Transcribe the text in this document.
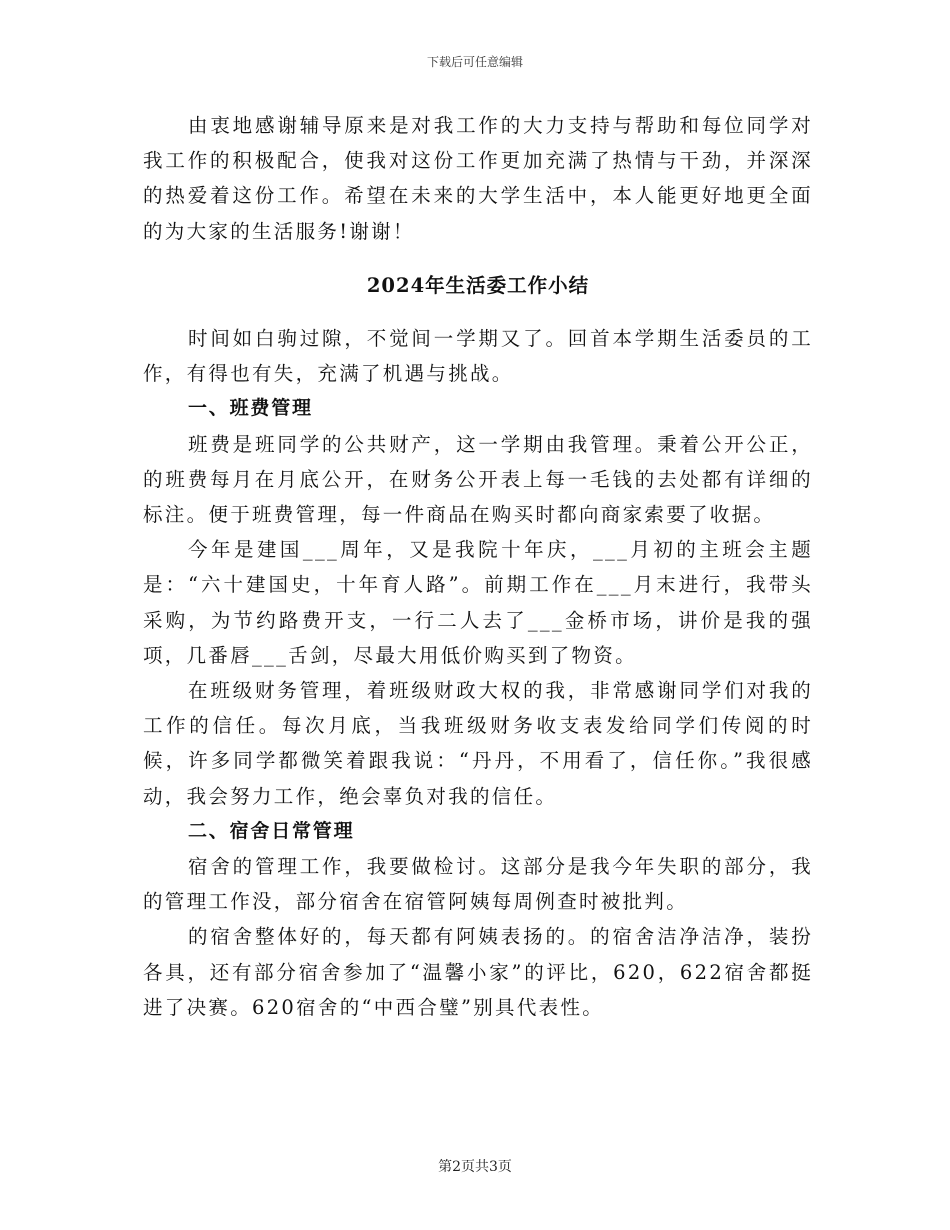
下载后可任意编辑

由衷地感谢辅导原来是对我工作的大力支持与帮助和每位同学对我工作的积极配合，使我对这份工作更加充满了热情与干劲，并深深的热爱着这份工作。希望在未来的大学生活中，本人能更好地更全面的为大家的生活服务!谢谢！

2024年生活委工作小结

时间如白驹过隙，不觉间一学期又了。回首本学期生活委员的工作，有得也有失，充满了机遇与挑战。

一、班费管理

班费是班同学的公共财产，这一学期由我管理。秉着公开公正，的班费每月在月底公开，在财务公开表上每一毛钱的去处都有详细的标注。便于班费管理，每一件商品在购买时都向商家索要了收据。

今年是建国___周年，又是我院十年庆，___月初的主班会主题是：“六十建国史，十年育人路”。前期工作在___月末进行，我带头采购，为节约路费开支，一行二人去了___金桥市场，讲价是我的强项，几番唇___舌剑，尽最大用低价购买到了物资。

在班级财务管理，着班级财政大权的我，非常感谢同学们对我的工作的信任。每次月底，当我班级财务收支表发给同学们传阅的时候，许多同学都微笑着跟我说：“丹丹，不用看了，信任你。”我很感动，我会努力工作，绝会辜负对我的信任。

二、宿舍日常管理

宿舍的管理工作，我要做检讨。这部分是我今年失职的部分，我的管理工作没，部分宿舍在宿管阿姨每周例查时被批判。

的宿舍整体好的，每天都有阿姨表扬的。的宿舍洁净洁净，装扮各具，还有部分宿舍参加了“温馨小家”的评比，620，622宿舍都挺进了决赛。620宿舍的“中西合璧”别具代表性。

第2页共3页
